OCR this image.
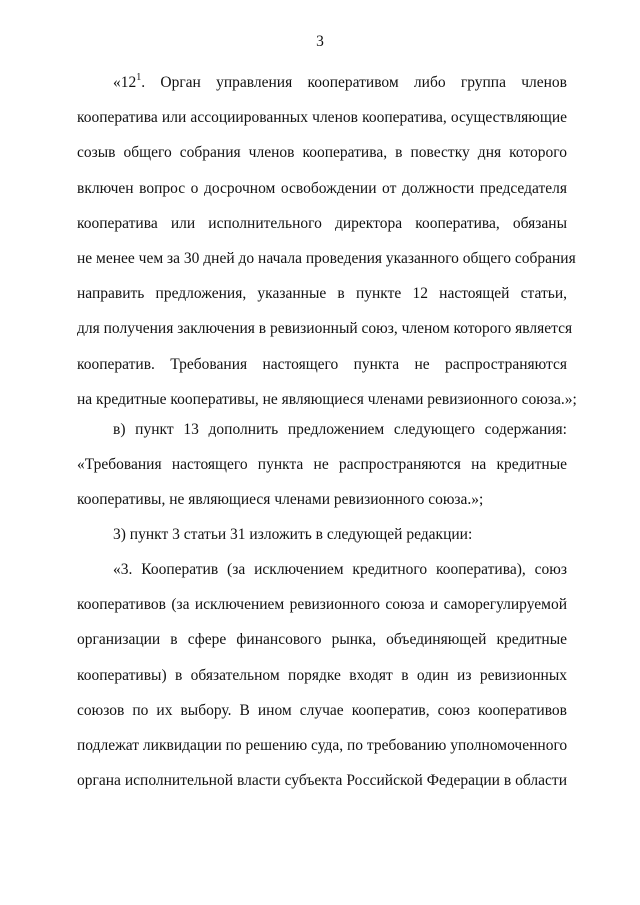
3
«$12^1$. Орган управления кооперативом либо группа членов
кооператива или ассоциированных членов кооператива, осуществляющие
созыв общего собрания членов кооператива, в повестку дня которого
включен вопрос о досрочном освобождении от должности председателя
кооператива или исполнительного директора кооператива, обязаны
не менее чем за 30 дней до начала проведения указанного общего собрания
направить предложения, указанные в пункте 12 настоящей статьи,
для получения заключения в ревизионный союз, членом которого является
кооператив. Требования настоящего пункта не распространяются
на кредитные кооперативы, не являющиеся членами ревизионного союза.»;
в) пункт 13 дополнить предложением следующего содержания:
«Требования настоящего пункта не распространяются на кредитные
кооперативы, не являющиеся членами ревизионного союза.»;
3) пункт 3 статьи 31 изложить в следующей редакции:
«3. Кооператив (за исключением кредитного кооператива), союз
кооперативов (за исключением ревизионного союза и саморегулируемой
организации в сфере финансового рынка, объединяющей кредитные
кооперативы) в обязательном порядке входят в один из ревизионных
союзов по их выбору. В ином случае кооператив, союз кооперативов
подлежат ликвидации по решению суда, по требованию уполномоченного
органа исполнительной власти субъекта Российской Федерации в области
